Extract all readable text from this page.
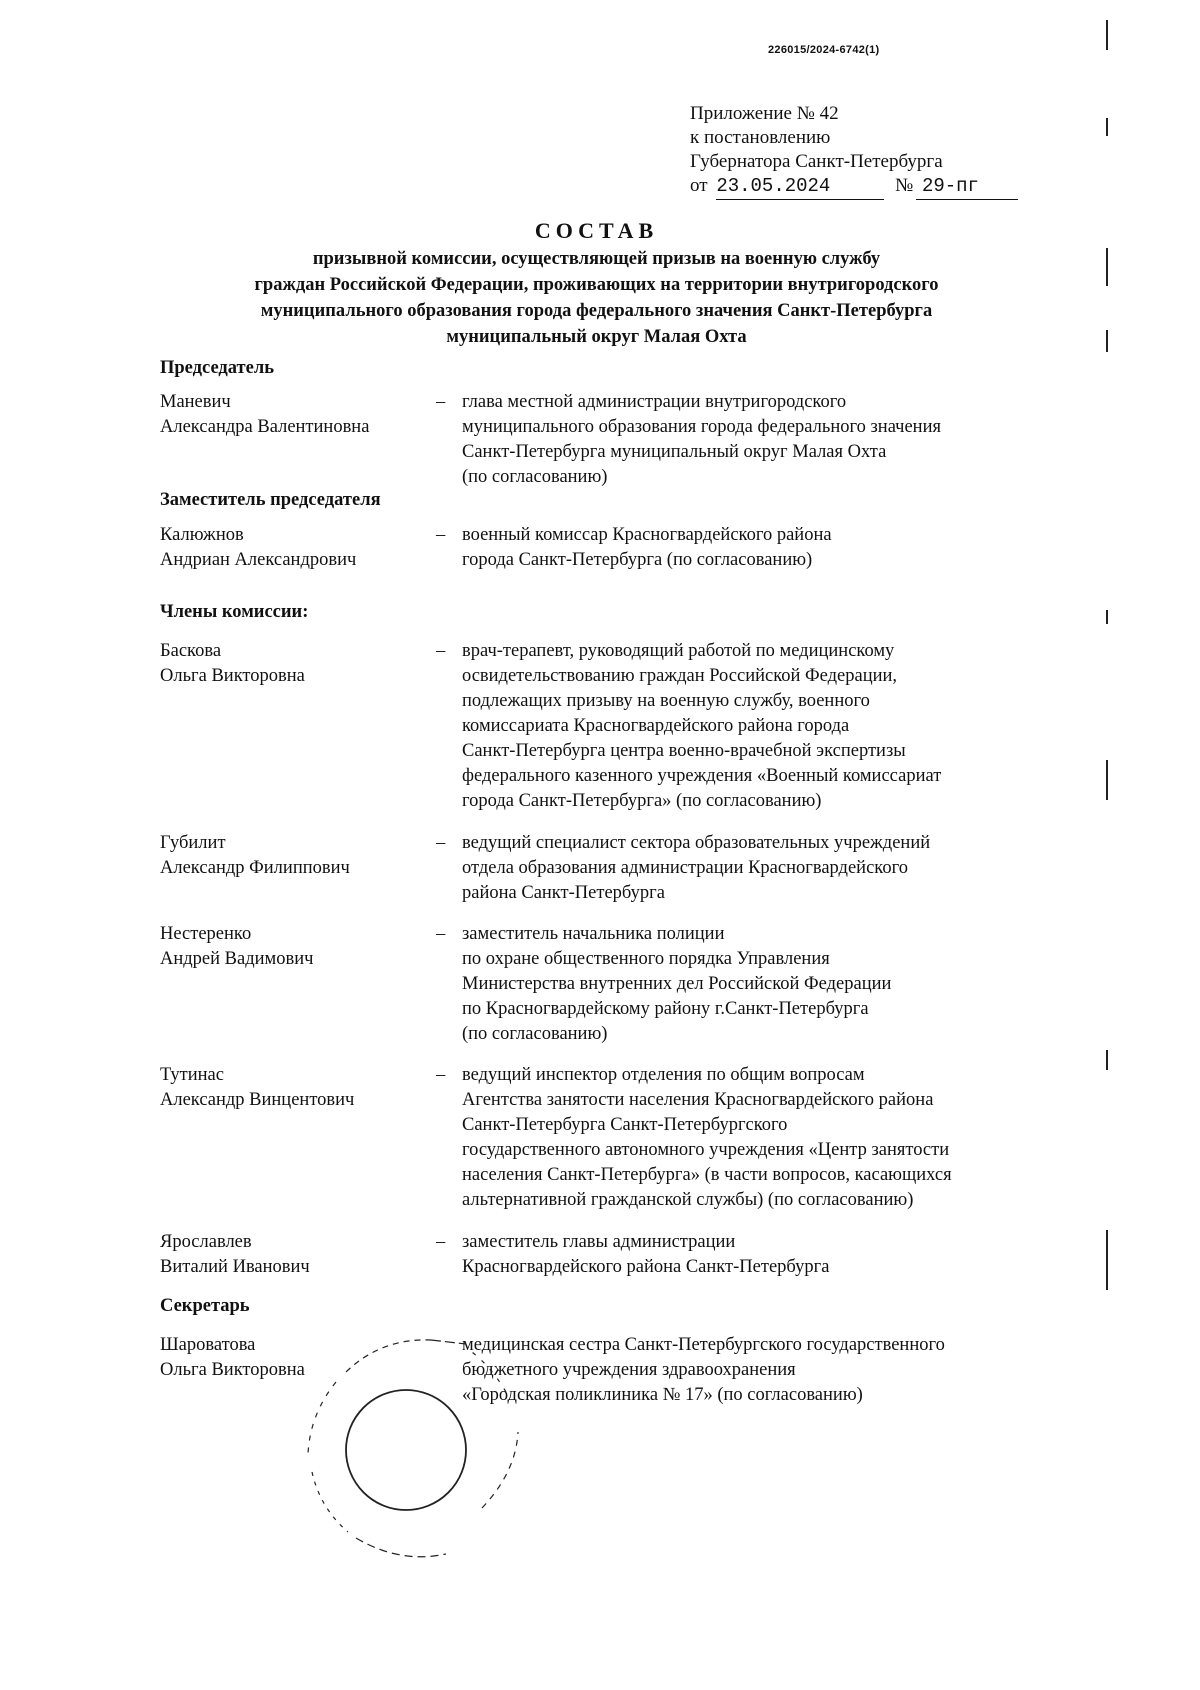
226015/2024-6742(1)
Приложение № 42
к постановлению
Губернатора Санкт-Петербурга
от 23.05.2024	№ 29-пг
СОСТАВ
призывной комиссии, осуществляющей призыв на военную службу
граждан Российской Федерации, проживающих на территории внутригородского
муниципального образования города федерального значения Санкт-Петербурга
муниципальный округ Малая Охта
Председатель
Маневич
Александра Валентиновна
– глава местной администрации внутригородского
муниципального образования города федерального значения
Санкт-Петербурга муниципальный округ Малая Охта
(по согласованию)
Заместитель председателя
Калюжнов
Андриан Александрович
– военный комиссар Красногвардейского района
города Санкт-Петербурга (по согласованию)
Члены комиссии:
Баскова
Ольга Викторовна
– врач-терапевт, руководящий работой по медицинскому
освидетельствованию граждан Российской Федерации,
подлежащих призыву на военную службу, военного
комиссариата Красногвардейского района города
Санкт-Петербурга центра военно-врачебной экспертизы
федерального казенного учреждения «Военный комиссариат
города Санкт-Петербурга» (по согласованию)
Губилит
Александр Филиппович
– ведущий специалист сектора образовательных учреждений
отдела образования администрации Красногвардейского
района Санкт-Петербурга
Нестеренко
Андрей Вадимович
– заместитель начальника полиции
по охране общественного порядка Управления
Министерства внутренних дел Российской Федерации
по Красногвардейскому району г.Санкт-Петербурга
(по согласованию)
Тутинас
Александр Винцентович
– ведущий инспектор отделения по общим вопросам
Агентства занятости населения Красногвардейского района
Санкт-Петербурга Санкт-Петербургского
государственного автономного учреждения «Центр занятости
населения Санкт-Петербурга» (в части вопросов, касающихся
альтернативной гражданской службы) (по согласованию)
Ярославлев
Виталий Иванович
– заместитель главы администрации
Красногвардейского района Санкт-Петербурга
Секретарь
Шароватова
Ольга Викторовна
медицинская сестра Санкт-Петербургского государственного
бюджетного учреждения здравоохранения
«Городская поликлиника № 17» (по согласованию)
